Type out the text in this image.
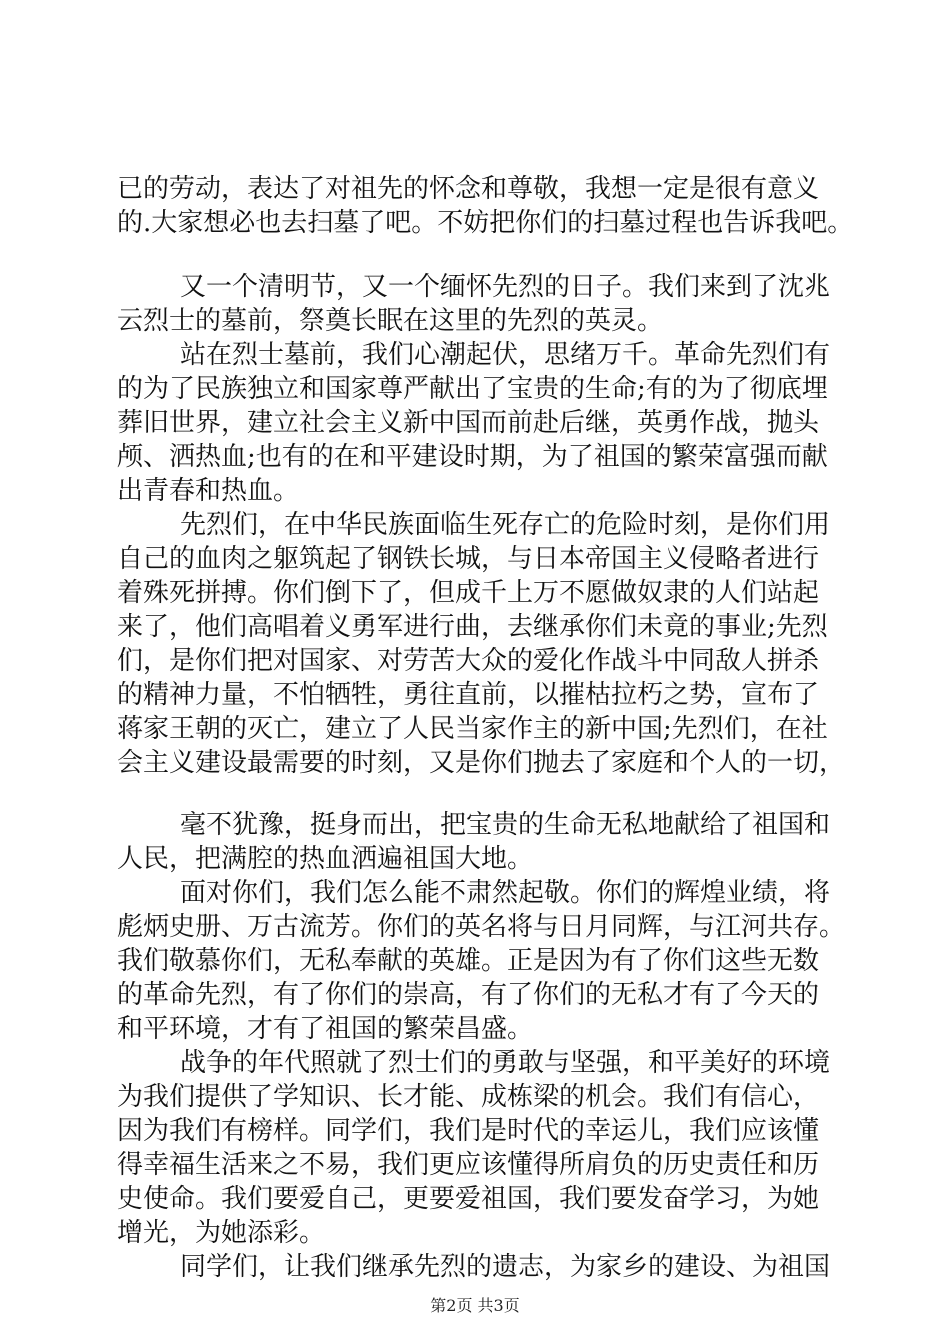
已的劳动，表达了对祖先的怀念和尊敬，我想一定是很有意义
的.大家想必也去扫墓了吧。不妨把你们的扫墓过程也告诉我吧。
又一个清明节，又一个缅怀先烈的日子。我们来到了沈兆
云烈士的墓前，祭奠长眠在这里的先烈的英灵。
站在烈士墓前，我们心潮起伏，思绪万千。革命先烈们有
的为了民族独立和国家尊严献出了宝贵的生命;有的为了彻底埋
葬旧世界，建立社会主义新中国而前赴后继，英勇作战，抛头
颅、洒热血;也有的在和平建设时期，为了祖国的繁荣富强而献
出青春和热血。
先烈们，在中华民族面临生死存亡的危险时刻，是你们用
自己的血肉之躯筑起了钢铁长城，与日本帝国主义侵略者进行
着殊死拼搏。你们倒下了，但成千上万不愿做奴隶的人们站起
来了，他们高唱着义勇军进行曲，去继承你们未竟的事业;先烈
们，是你们把对国家、对劳苦大众的爱化作战斗中同敌人拼杀
的精神力量，不怕牺牲，勇往直前，以摧枯拉朽之势，宣布了
蒋家王朝的灭亡，建立了人民当家作主的新中国;先烈们，在社
会主义建设最需要的时刻，又是你们抛去了家庭和个人的一切，
毫不犹豫，挺身而出，把宝贵的生命无私地献给了祖国和
人民，把满腔的热血洒遍祖国大地。
面对你们，我们怎么能不肃然起敬。你们的辉煌业绩，将
彪炳史册、万古流芳。你们的英名将与日月同辉，与江河共存。
我们敬慕你们，无私奉献的英雄。正是因为有了你们这些无数
的革命先烈，有了你们的崇高，有了你们的无私才有了今天的
和平环境，才有了祖国的繁荣昌盛。
战争的年代照就了烈士们的勇敢与坚强，和平美好的环境
为我们提供了学知识、长才能、成栋梁的机会。我们有信心，
因为我们有榜样。同学们，我们是时代的幸运儿，我们应该懂
得幸福生活来之不易，我们更应该懂得所肩负的历史责任和历
史使命。我们要爱自己，更要爱祖国，我们要发奋学习，为她
增光，为她添彩。
同学们，让我们继承先烈的遗志，为家乡的建设、为祖国
第2页 共3页
